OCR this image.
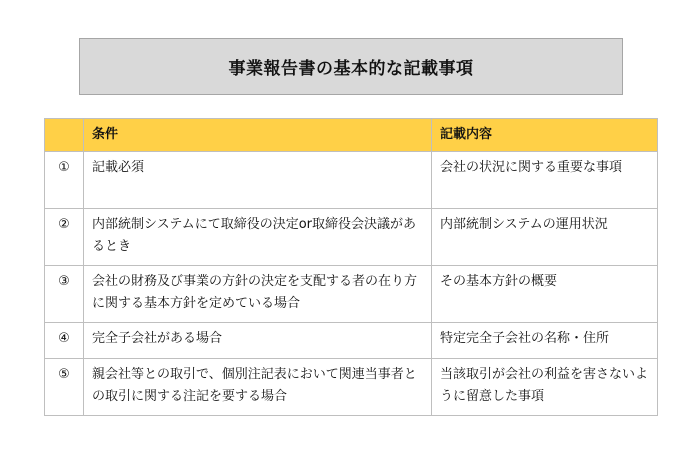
事業報告書の基本的な記載事項
	条件	記載内容
①	記載必須	会社の状況に関する重要な事項
②	内部統制システムにて取締役の決定or取締役会決議があるとき	内部統制システムの運用状況
③	会社の財務及び事業の方針の決定を支配する者の在り方に関する基本方針を定めている場合	その基本方針の概要
④	完全子会社がある場合	特定完全子会社の名称・住所
⑤	親会社等との取引で、個別注記表において関連当事者との取引に関する注記を要する場合	当該取引が会社の利益を害さないように留意した事項
